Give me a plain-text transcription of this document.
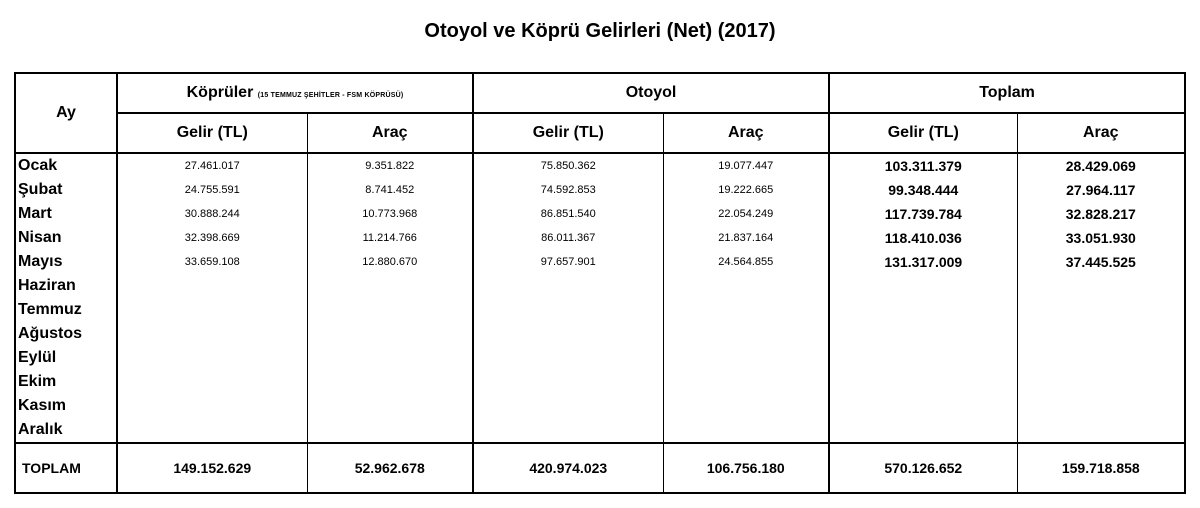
Otoyol ve Köprü Gelirleri (Net) (2017)
Ay	Köprüler (15 TEMMUZ ŞEHİTLER - FSM KÖPRÜSÜ)		Otoyol		Toplam	
	Gelir (TL)	Araç	Gelir (TL)	Araç	Gelir (TL)	Araç
Ocak	27.461.017	9.351.822	75.850.362	19.077.447	103.311.379	28.429.069
Şubat	24.755.591	8.741.452	74.592.853	19.222.665	99.348.444	27.964.117
Mart	30.888.244	10.773.968	86.851.540	22.054.249	117.739.784	32.828.217
Nisan	32.398.669	11.214.766	86.011.367	21.837.164	118.410.036	33.051.930
Mayıs	33.659.108	12.880.670	97.657.901	24.564.855	131.317.009	37.445.525
Haziran						
Temmuz						
Ağustos						
Eylül						
Ekim						
Kasım						
Aralık						
TOPLAM	149.152.629	52.962.678	420.974.023	106.756.180	570.126.652	159.718.858
